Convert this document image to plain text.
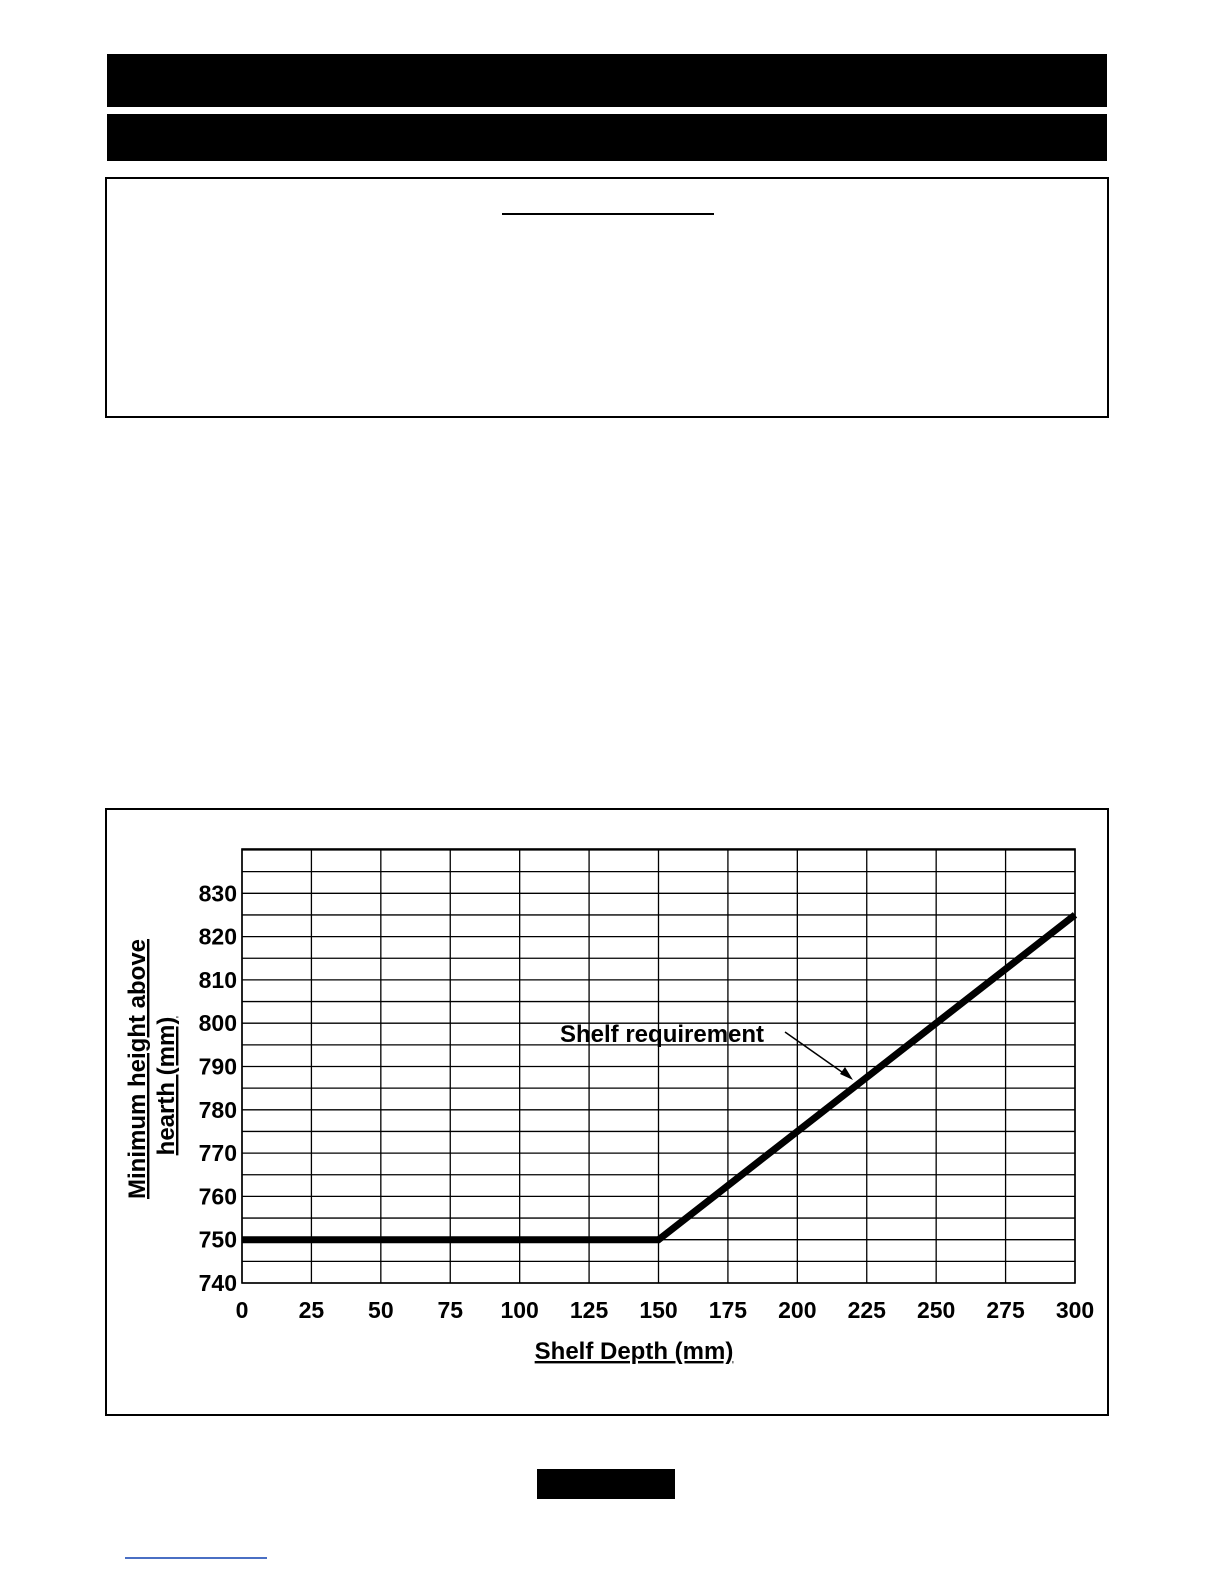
740
750
760
770
780
790
800
810
820
830
0 25 50 75 100 125 150 175 200 225 250 275 300
Shelf requirement
Shelf Depth (mm)
Minimum height above hearth (mm)
